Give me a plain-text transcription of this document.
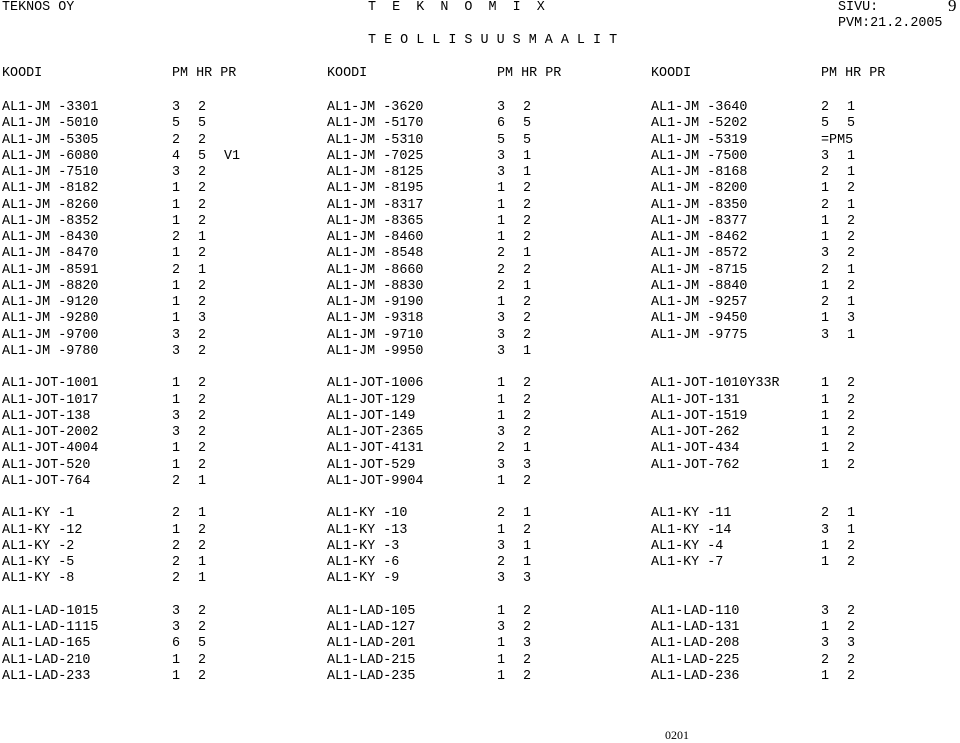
TEKNOS OY	T  E  K  N  O  M  I  X	SIVU:	9
PVM:21.2.2005
T E O L L I S U U S M A A L I T
KOODI	PM HR PR	KOODI	PM HR PR	KOODI	PM HR PR
AL1-JM -3301	3 2	AL1-JM -3620	3 2	AL1-JM -3640	2 1
AL1-JM -5010	5 5	AL1-JM -5170	6 5	AL1-JM -5202	5 5
AL1-JM -5305	2 2	AL1-JM -5310	5 5	AL1-JM -5319	=PM5
AL1-JM -6080	4 5 V1	AL1-JM -7025	3 1	AL1-JM -7500	3 1
AL1-JM -7510	3 2	AL1-JM -8125	3 1	AL1-JM -8168	2 1
AL1-JM -8182	1 2	AL1-JM -8195	1 2	AL1-JM -8200	1 2
AL1-JM -8260	1 2	AL1-JM -8317	1 2	AL1-JM -8350	2 1
AL1-JM -8352	1 2	AL1-JM -8365	1 2	AL1-JM -8377	1 2
AL1-JM -8430	2 1	AL1-JM -8460	1 2	AL1-JM -8462	1 2
AL1-JM -8470	1 2	AL1-JM -8548	2 1	AL1-JM -8572	3 2
AL1-JM -8591	2 1	AL1-JM -8660	2 2	AL1-JM -8715	2 1
AL1-JM -8820	1 2	AL1-JM -8830	2 1	AL1-JM -8840	1 2
AL1-JM -9120	1 2	AL1-JM -9190	1 2	AL1-JM -9257	2 1
AL1-JM -9280	1 3	AL1-JM -9318	3 2	AL1-JM -9450	1 3
AL1-JM -9700	3 2	AL1-JM -9710	3 2	AL1-JM -9775	3 1
AL1-JM -9780	3 2	AL1-JM -9950	3 1
AL1-JOT-1001	1 2	AL1-JOT-1006	1 2	AL1-JOT-1010Y33R	1 2
AL1-JOT-1017	1 2	AL1-JOT-129	1 2	AL1-JOT-131	1 2
AL1-JOT-138	3 2	AL1-JOT-149	1 2	AL1-JOT-1519	1 2
AL1-JOT-2002	3 2	AL1-JOT-2365	3 2	AL1-JOT-262	1 2
AL1-JOT-4004	1 2	AL1-JOT-4131	2 1	AL1-JOT-434	1 2
AL1-JOT-520	1 2	AL1-JOT-529	3 3	AL1-JOT-762	1 2
AL1-JOT-764	2 1	AL1-JOT-9904	1 2
AL1-KY -1	2 1	AL1-KY -10	2 1	AL1-KY -11	2 1
AL1-KY -12	1 2	AL1-KY -13	1 2	AL1-KY -14	3 1
AL1-KY -2	2 2	AL1-KY -3	3 1	AL1-KY -4	1 2
AL1-KY -5	2 1	AL1-KY -6	2 1	AL1-KY -7	1 2
AL1-KY -8	2 1	AL1-KY -9	3 3
AL1-LAD-1015	3 2	AL1-LAD-105	1 2	AL1-LAD-110	3 2
AL1-LAD-1115	3 2	AL1-LAD-127	3 2	AL1-LAD-131	1 2
AL1-LAD-165	6 5	AL1-LAD-201	1 3	AL1-LAD-208	3 3
AL1-LAD-210	1 2	AL1-LAD-215	1 2	AL1-LAD-225	2 2
AL1-LAD-233	1 2	AL1-LAD-235	1 2	AL1-LAD-236	1 2
0201
